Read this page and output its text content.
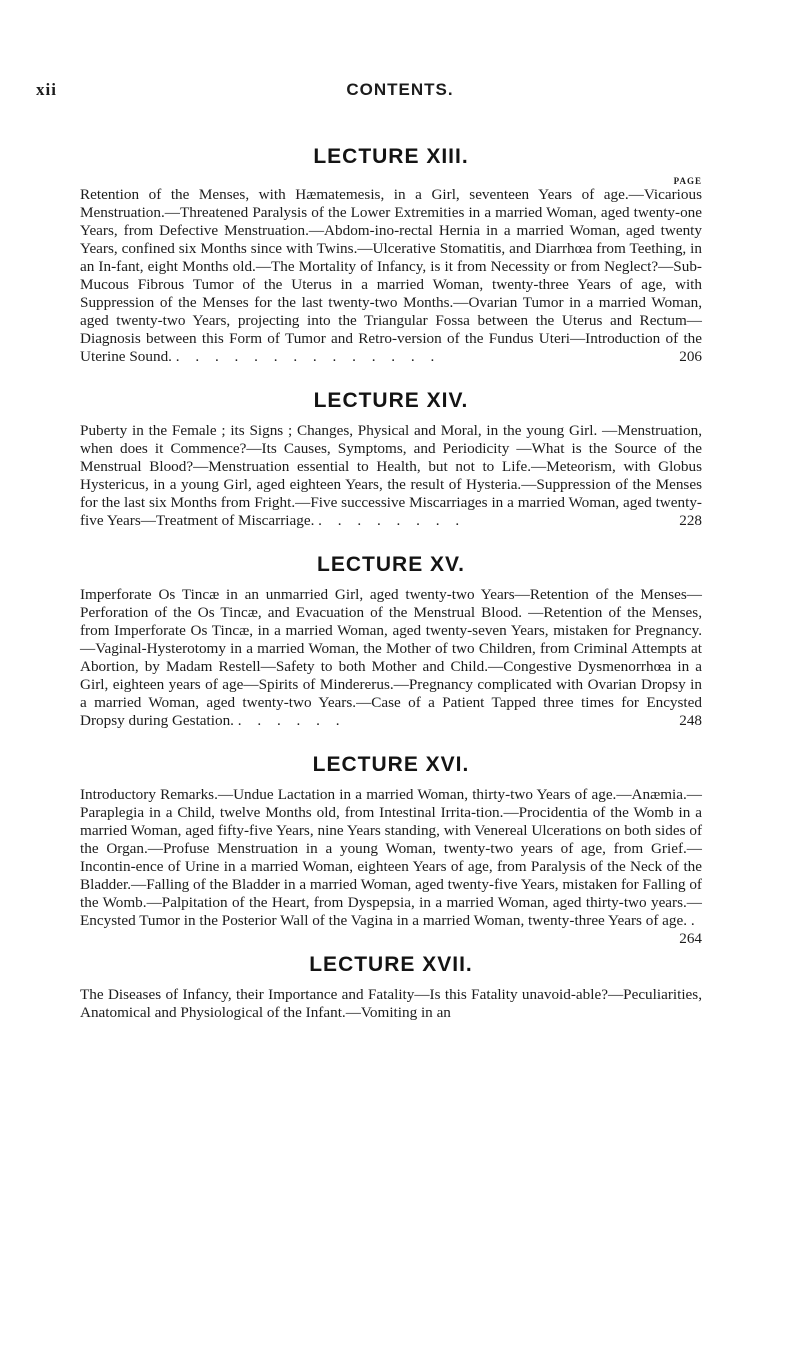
xii	CONTENTS.
LECTURE XIII.
PAGE

Retention of the Menses, with Hæmatemesis, in a Girl, seventeen Years of age.—Vicarious Menstruation.—Threatened Paralysis of the Lower Extremities in a married Woman, aged twenty-one Years, from Defective Menstruation.—Abdom-ino-rectal Hernia in a married Woman, aged twenty Years, confined six Months since with Twins.—Ulcerative Stomatitis, and Diarrhœa from Teething, in an In-fant, eight Months old.—The Mortality of Infancy, is it from Necessity or from Neglect?—Sub-Mucous Fibrous Tumor of the Uterus in a married Woman, twenty-three Years of age, with Suppression of the Menses for the last twenty-two Months.—Ovarian Tumor in a married Woman, aged twenty-two Years, projecting into the Triangular Fossa between the Uterus and Rectum—Diagnosis between this Form of Tumor and Retro-version of the Fundus Uteri—Introduction of the Uterine Sound. . . . . . . . . . . . . . .	206

LECTURE XIV.

Puberty in the Female ; its Signs ; Changes, Physical and Moral, in the young Girl. —Menstruation, when does it Commence?—Its Causes, Symptoms, and Periodicity —What is the Source of the Menstrual Blood?—Menstruation essential to Health, but not to Life.—Meteorism, with Globus Hystericus, in a young Girl, aged eighteen Years, the result of Hysteria.—Suppression of the Menses for the last six Months from Fright.—Five successive Miscarriages in a married Woman, aged twenty-five Years—Treatment of Miscarriage. . . . . . . . .	228

LECTURE XV.

Imperforate Os Tincæ in an unmarried Girl, aged twenty-two Years—Retention of the Menses—Perforation of the Os Tincæ, and Evacuation of the Menstrual Blood. —Retention of the Menses, from Imperforate Os Tincæ, in a married Woman, aged twenty-seven Years, mistaken for Pregnancy.—Vaginal-Hysterotomy in a married Woman, the Mother of two Children, from Criminal Attempts at Abortion, by Madam Restell—Safety to both Mother and Child.—Congestive Dysmenorrhœa in a Girl, eighteen years of age—Spirits of Mindererus.—Pregnancy complicated with Ovarian Dropsy in a married Woman, aged twenty-two Years.—Case of a Patient Tapped three times for Encysted Dropsy during Gestation. . . . . . .	248

LECTURE XVI.

Introductory Remarks.—Undue Lactation in a married Woman, thirty-two Years of age.—Anæmia.—Paraplegia in a Child, twelve Months old, from Intestinal Irrita-tion.—Procidentia of the Womb in a married Woman, aged fifty-five Years, nine Years standing, with Venereal Ulcerations on both sides of the Organ.—Profuse Menstruation in a young Woman, twenty-two years of age, from Grief.—Incontin-ence of Urine in a married Woman, eighteen Years of age, from Paralysis of the Neck of the Bladder.—Falling of the Bladder in a married Woman, aged twenty-five Years, mistaken for Falling of the Womb.—Palpitation of the Heart, from Dyspepsia, in a married Woman, aged thirty-two years.—Encysted Tumor in the Posterior Wall of the Vagina in a married Woman, twenty-three Years of age. .
264

LECTURE XVII.

The Diseases of Infancy, their Importance and Fatality—Is this Fatality unavoid-able?—Peculiarities, Anatomical and Physiological of the Infant.—Vomiting in an
